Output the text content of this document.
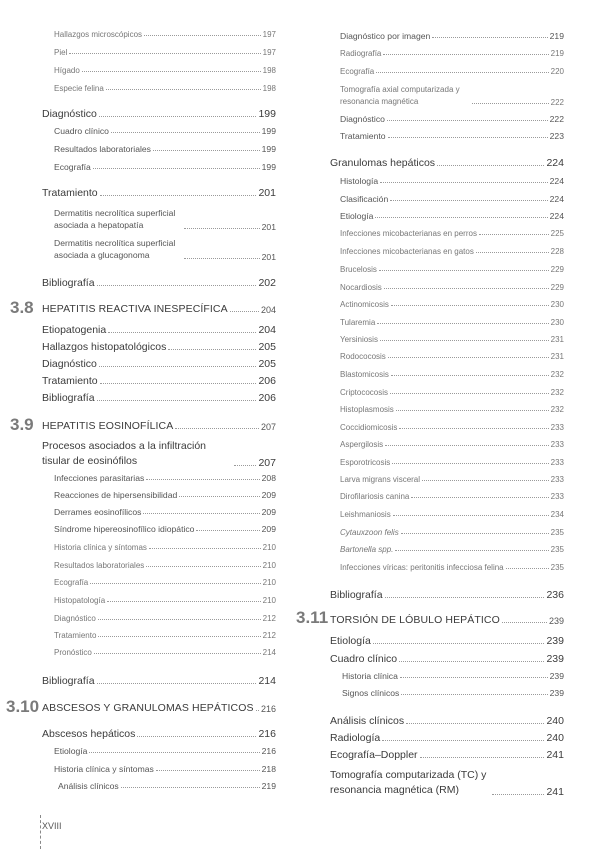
Hallazgos microscópicos	197
Piel	197
Hígado	198
Especie felina	198
Diagnóstico	199
Cuadro clínico	199
Resultados laboratoriales	199
Ecografía	199
Tratamiento	201
Dermatitis necrolítica superficial asociada a hepatopatía	201
Dermatitis necrolítica superficial asociada a glucagonoma	201
Bibliografía	202
3.8 HEPATITIS REACTIVA INESPECÍFICA	204
Etiopatogenia	204
Hallazgos histopatológicos	205
Diagnóstico	205
Tratamiento	206
Bibliografía	206
3.9 HEPATITIS EOSINOFÍLICA	207
Procesos asociados a la infiltración tisular de eosinófilos	207
Infecciones parasitarias	208
Reacciones de hipersensibilidad	209
Derrames eosinofílicos	209
Síndrome hipereosinofílico idiopático	209
Historia clínica y síntomas	210
Resultados laboratoriales	210
Ecografía	210
Histopatología	210
Diagnóstico	212
Tratamiento	212
Pronóstico	214
Bibliografía	214
3.10 ABSCESOS Y GRANULOMAS HEPÁTICOS 216
Abscesos hepáticos	216
Etiología	216
Historia clínica y síntomas	218
Análisis clínicos	219
Diagnóstico por imagen	219
Radiografía	219
Ecografía	220
Tomografía axial computarizada y resonancia magnética	222
Diagnóstico	222
Tratamiento	223
Granulomas hepáticos	224
Histología	224
Clasificación	224
Etiología	224
Infecciones micobacterianas en perros	225
Infecciones micobacterianas en gatos	228
Brucelosis	229
Nocardiosis	229
Actinomicosis	230
Tularemia	230
Yersiniosis	231
Rodococosis	231
Blastomicosis	232
Criptococosis	232
Histoplasmosis	232
Coccidiomicosis	233
Aspergilosis	233
Esporotricosis	233
Larva migrans visceral	233
Dirofilariosis canina	233
Leishmaniosis	234
Cytauxzoon felis	235
Bartonella spp.	235
Infecciones víricas: peritonitis infecciosa felina	235
Bibliografía	236
3.11 TORSIÓN DE LÓBULO HEPÁTICO	239
Etiología	239
Cuadro clínico	239
Historia clínica	239
Signos clínicos	239
Análisis clínicos	240
Radiología	240
Ecografía–Doppler	241
Tomografía computarizada (TC) y resonancia magnética (RM)	241
XVIII
